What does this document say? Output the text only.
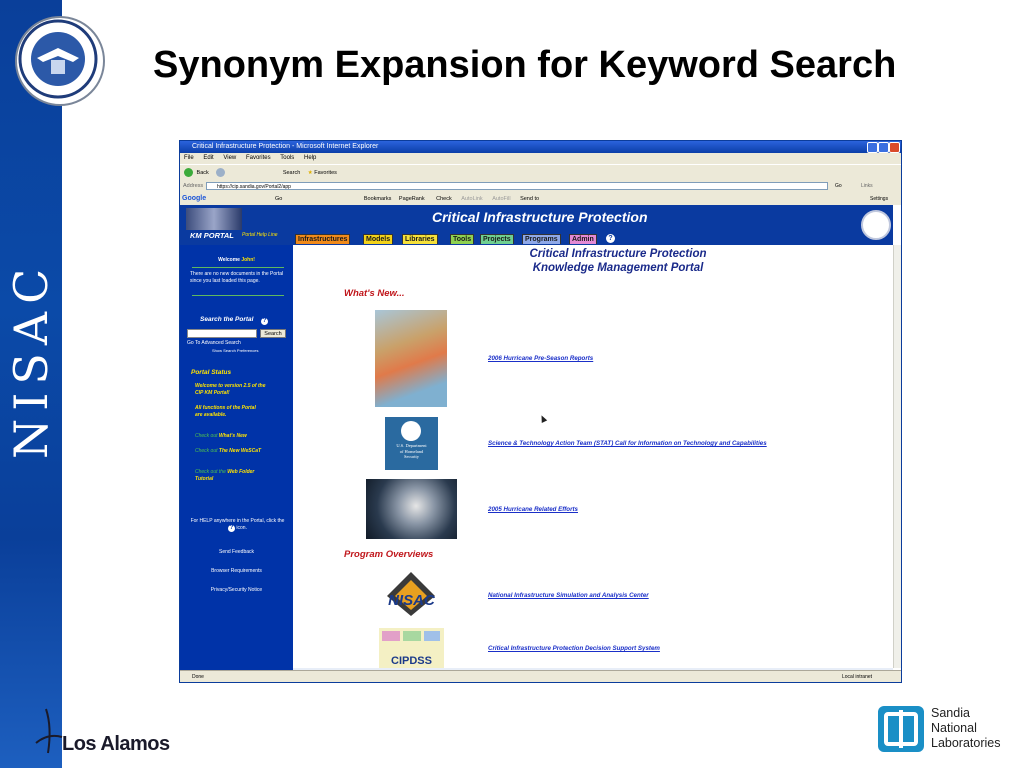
NISAC
Synonym Expansion for Keyword Search
Critical Infrastructure Protection - Microsoft Internet Explorer
File Edit View Favorites Tools Help
Back	Search ★ Favorites
Address	https://cip.sandia.gov/Portal2/app	Go	Links
Go	Bookmarks PageRank Check AutoLink AutoFill Send to
Google	Settings
KM PORTAL Portal Help Line
Critical Infrastructure Protection
Infrastructures	Models	Libraries	Tools	Projects	Programs	Admin	?
Welcome John!
There are no new documents in the Portal since you last loaded this page.
Search the Portal ?
Search
Go To Advanced Search
Show Search Preferences
Portal Status
Welcome to version 2.5 of the CIP KM Portal!
All functions of the Portal are available.
Check out What's New
Check out The New WeSCaT
Check out the Web Folder Tutorial
For HELP anywhere in the Portal, click the ? icon.
Send Feedback
Browser Requirements
Privacy/Security Notice
Critical Infrastructure Protection
Knowledge Management Portal
What's New...
2006 Hurricane Pre-Season Reports
U.S. Department
of Homeland
Security
Science & Technology Action Team (STAT) Call for Information on Technology and Capabilities
2005 Hurricane Related Efforts
Program Overviews
NISAC	National Infrastructure Simulation and Analysis Center
CIPDSS
Critical Infrastructure Protection Decision Support System
Done	Local intranet
Los Alamos
Sandia
National
Laboratories
